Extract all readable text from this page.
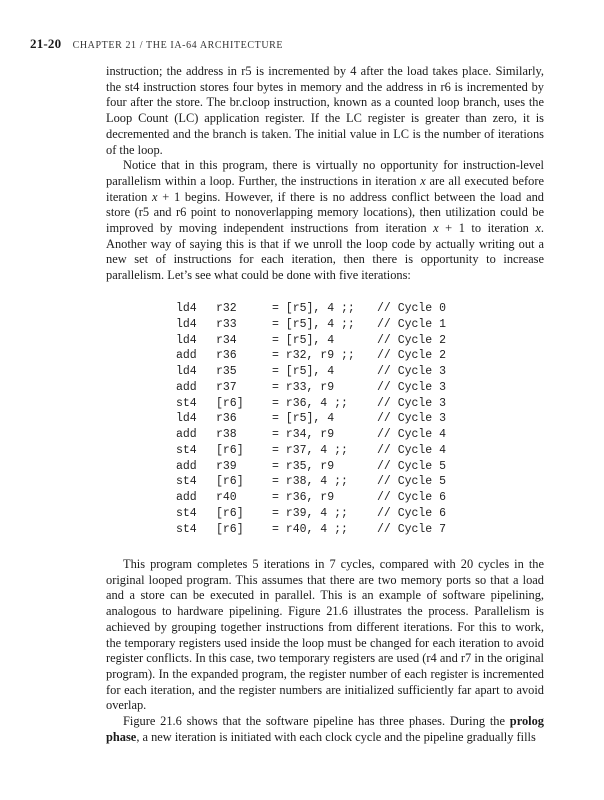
21-20 CHAPTER 21 / THE IA-64 ARCHITECTURE

instruction; the address in r5 is incremented by 4 after the load takes place. Similarly, the st4 instruction stores four bytes in memory and the address in r6 is incremented by four after the store. The br.cloop instruction, known as a counted loop branch, uses the Loop Count (LC) application register. If the LC register is greater than zero, it is decremented and the branch is taken. The initial value in LC is the number of iterations of the loop.

Notice that in this program, there is virtually no opportunity for instruction-level parallelism within a loop. Further, the instructions in iteration x are all executed before iteration x + 1 begins. However, if there is no address conflict between the load and store (r5 and r6 point to nonoverlapping memory locations), then utilization could be improved by moving independent instructions from iteration x + 1 to iteration x. Another way of saying this is that if we unroll the loop code by actually writing out a new set of instructions for each iteration, then there is opportunity to increase parallelism. Let’s see what could be done with five iterations:

ld4 r32	= [r5], 4 ;; // Cycle 0
ld4 r33	= [r5], 4 ;; // Cycle 1
ld4 r34	= [r5], 4	// Cycle 2
add r36	= r32, r9 ;; // Cycle 2
ld4 r35	= [r5], 4	// Cycle 3
add r37	= r33, r9	// Cycle 3
st4 [r6] = r36, 4 ;;	// Cycle 3
ld4 r36	= [r5], 4	// Cycle 3
add r38	= r34, r9	// Cycle 4
st4 [r6] = r37, 4 ;;	// Cycle 4
add r39	= r35, r9	// Cycle 5
st4 [r6] = r38, 4 ;;	// Cycle 5
add r40	= r36, r9	// Cycle 6
st4 [r6] = r39, 4 ;;	// Cycle 6
st4 [r6] = r40, 4 ;;	// Cycle 7

This program completes 5 iterations in 7 cycles, compared with 20 cycles in the original looped program. This assumes that there are two memory ports so that a load and a store can be executed in parallel. This is an example of software pipelining, analogous to hardware pipelining. Figure 21.6 illustrates the process. Parallelism is achieved by grouping together instructions from different iterations. For this to work, the temporary registers used inside the loop must be changed for each iteration to avoid register conflicts. In this case, two temporary registers are used (r4 and r7 in the original program). In the expanded program, the register number of each register is incremented for each iteration, and the register numbers are initialized sufficiently far apart to avoid overlap.

Figure 21.6 shows that the software pipeline has three phases. During the prolog phase, a new iteration is initiated with each clock cycle and the pipeline gradually fills
